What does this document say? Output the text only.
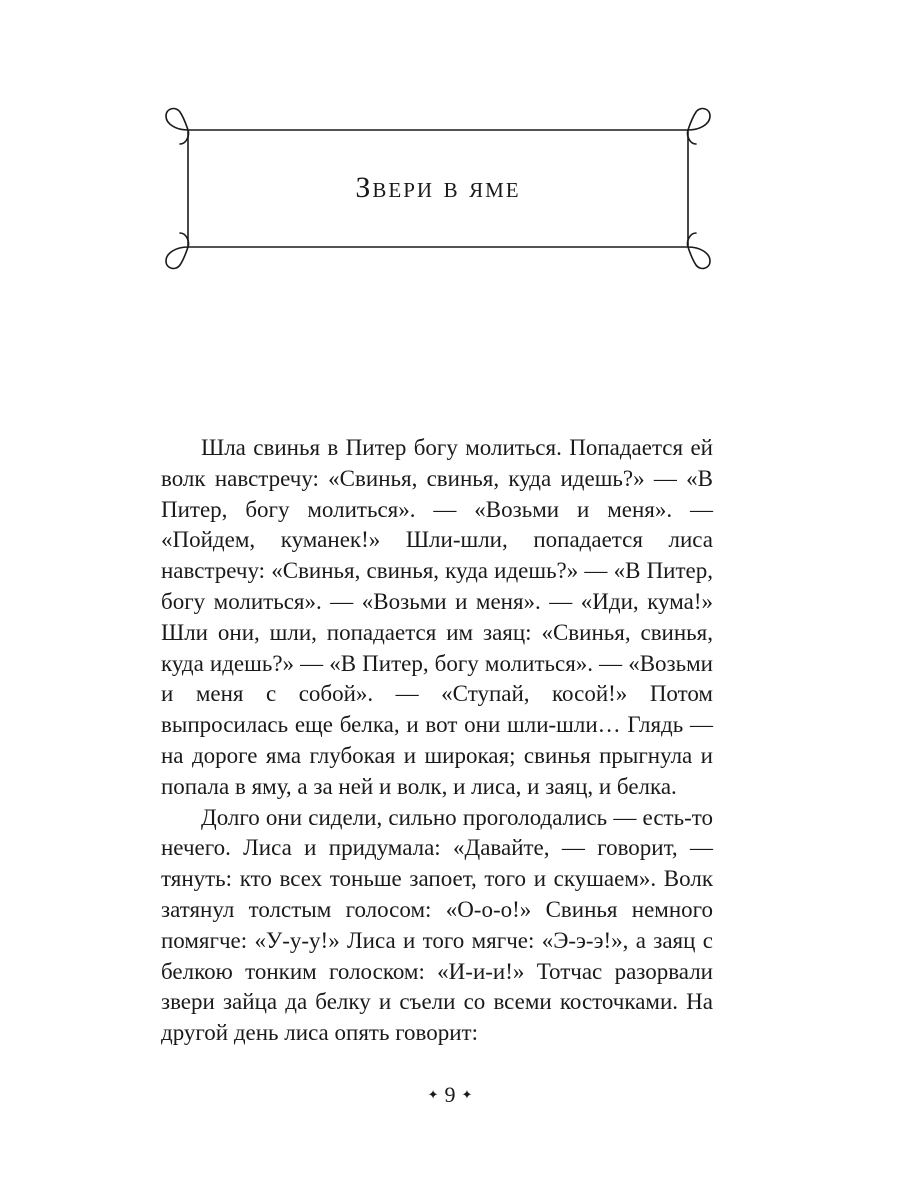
Звери в яме

Шла свинья в Питер богу молиться. Попадается ей волк навстречу: «Свинья, свинья, куда идешь?» — «В Питер, богу молиться». — «Возьми и меня». — «Пойдем, куманек!» Шли-шли, попадается лиса навстречу: «Свинья, свинья, куда идешь?» — «В Питер, богу молиться». — «Возьми и меня». — «Иди, кума!» Шли они, шли, попадается им заяц: «Свинья, свинья, куда идешь?» — «В Питер, богу молиться». — «Возьми и меня с собой». — «Ступай, косой!» Потом выпросилась еще белка, и вот они шли-шли… Глядь — на дороге яма глубокая и широкая; свинья прыгнула и попала в яму, а за ней и волк, и лиса, и заяц, и белка.

Долго они сидели, сильно проголодались — есть-то нечего. Лиса и придумала: «Давайте, — говорит, — тянуть: кто всех тоньше запоет, того и скушаем». Волк затянул толстым голосом: «О-о-о!» Свинья немного помягче: «У-у-у!» Лиса и того мягче: «Э-э-э!», а заяц с белкою тонким голоском: «И-и-и!» Тотчас разорвали звери зайца да белку и съели со всеми косточками. На другой день лиса опять говорит:

✦ 9 ✦
